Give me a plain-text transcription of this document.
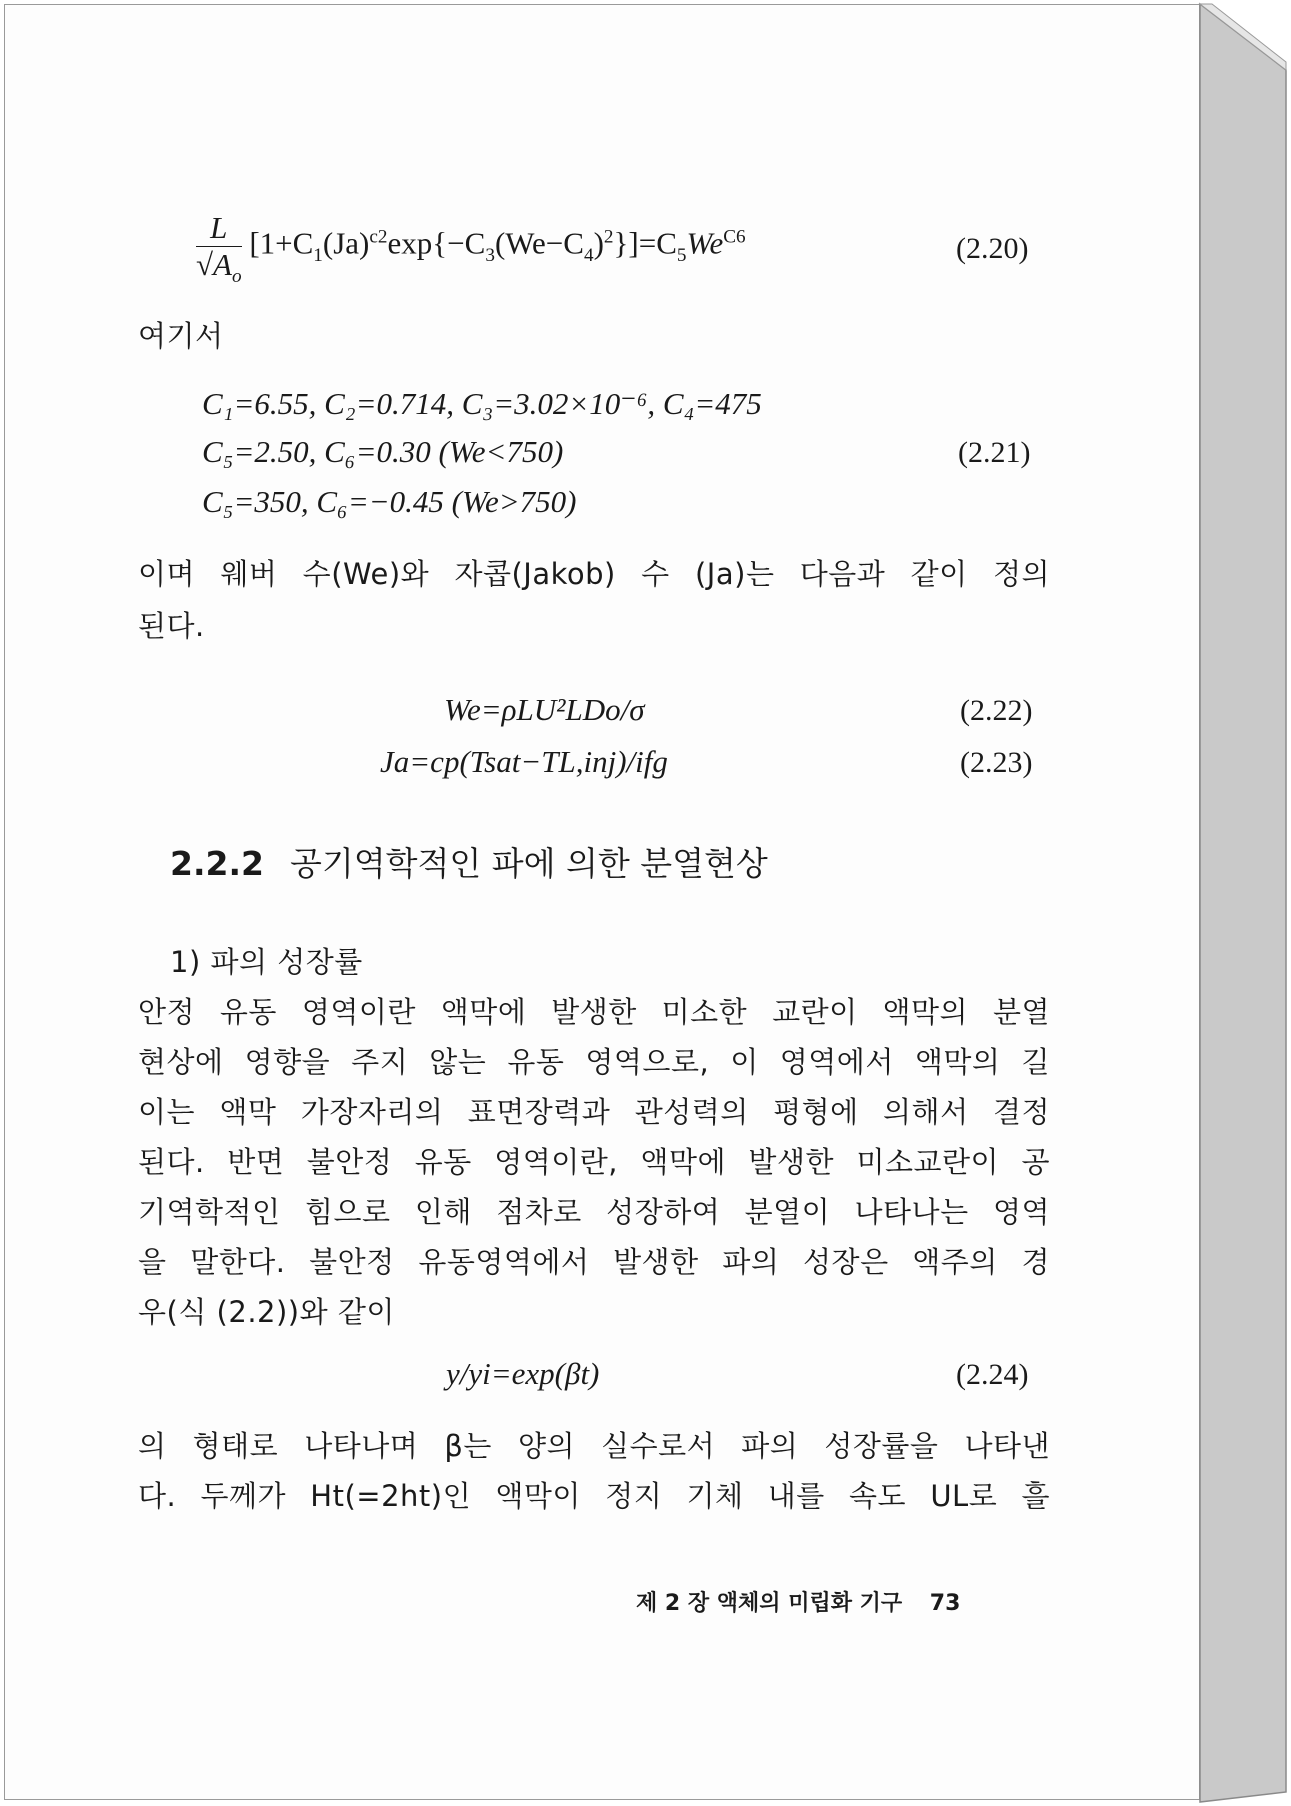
$\frac{L}{√A_o} [1+C_1(Ja)^{c2}\exp\{-C_3(We-C_4)^2\}]=C_5We^{C6}$	(2.20)
여기서
C₁=6.55, C₂=0.714, C₃=3.02×10⁻⁶, C₄=475
C₅=2.50, C₆=0.30 (We<750)	(2.21)
C₅=350, C₆=−0.45 (We>750)
이며 웨버 수(We)와 자콥(Jakob) 수 (Ja)는 다음과 같이 정의
된다.
We=ρLU²LDo/σ	(2.22)
Ja=cp(Tsat−TL,inj)/ifg	(2.23)
2.2.2 공기역학적인 파에 의한 분열현상
1) 파의 성장률
안정 유동 영역이란 액막에 발생한 미소한 교란이 액막의 분열
현상에 영향을 주지 않는 유동 영역으로, 이 영역에서 액막의 길
이는 액막 가장자리의 표면장력과 관성력의 평형에 의해서 결정
된다. 반면 불안정 유동 영역이란, 액막에 발생한 미소교란이 공
기역학적인 힘으로 인해 점차로 성장하여 분열이 나타나는 영역
을 말한다. 불안정 유동영역에서 발생한 파의 성장은 액주의 경
우(식 (2.2))와 같이
y/yi=exp(βt)	(2.24)
의 형태로 나타나며 β는 양의 실수로서 파의 성장률을 나타낸
다. 두께가 Ht(=2ht)인 액막이 정지 기체 내를 속도 UL로 흘
제 2 장 액체의 미립화 기구 73
